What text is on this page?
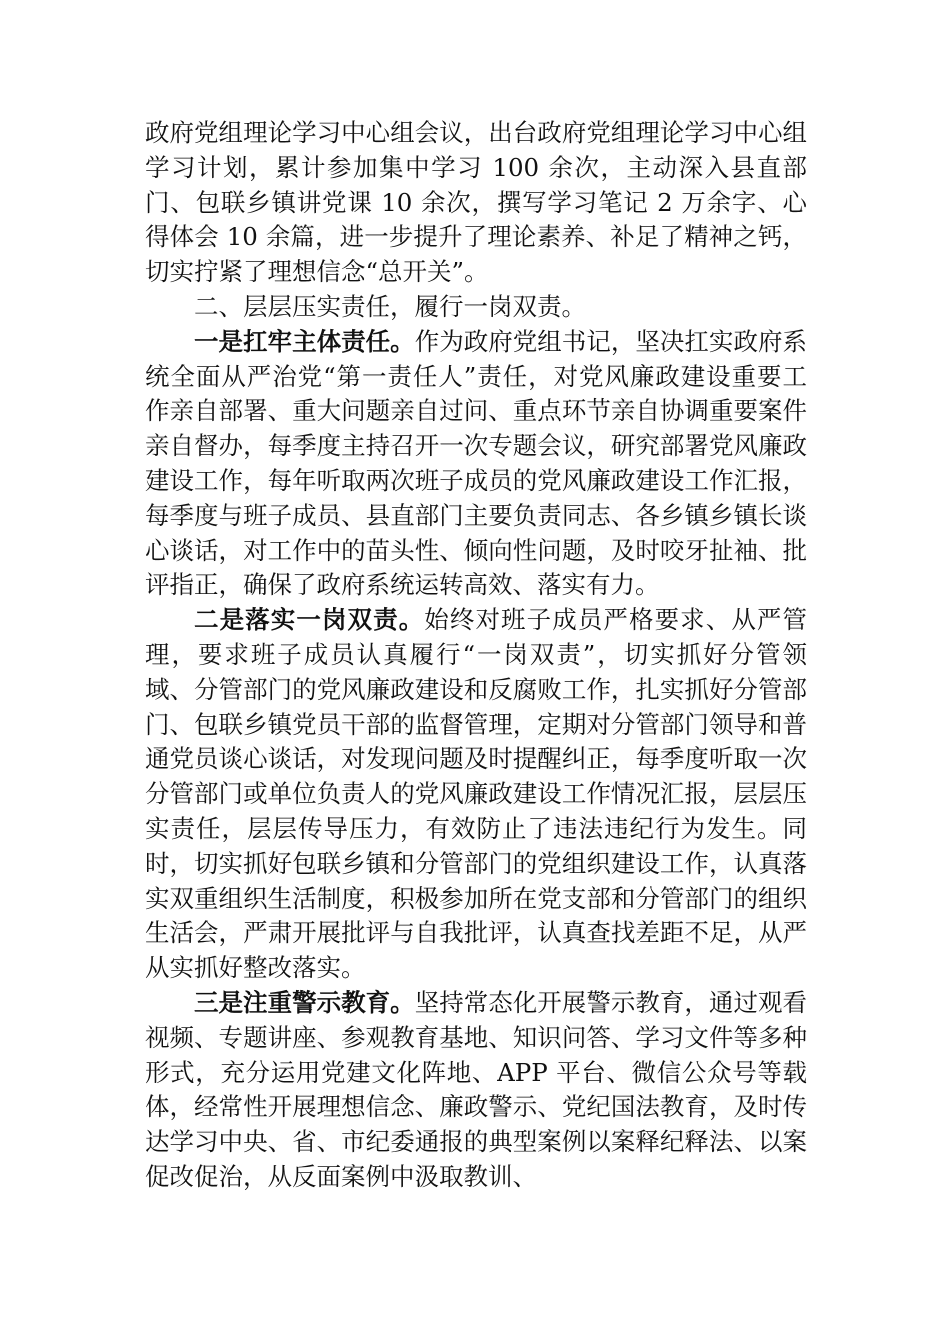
政府党组理论学习中心组会议，出台政府党组理论学习中心组学习计划，累计参加集中学习 100 余次，主动深入县直部门、包联乡镇讲党课 10 余次，撰写学习笔记 2 万余字、心得体会 10 余篇，进一步提升了理论素养、补足了精神之钙，切实拧紧了理想信念“总开关”。

二、层层压实责任，履行一岗双责。

一是扛牢主体责任。作为政府党组书记，坚决扛实政府系统全面从严治党“第一责任人”责任，对党风廉政建设重要工作亲自部署、重大问题亲自过问、重点环节亲自协调重要案件亲自督办，每季度主持召开一次专题会议，研究部署党风廉政建设工作，每年听取两次班子成员的党风廉政建设工作汇报，每季度与班子成员、县直部门主要负责同志、各乡镇乡镇长谈心谈话，对工作中的苗头性、倾向性问题，及时咬牙扯袖、批评指正，确保了政府系统运转高效、落实有力。

二是落实一岗双责。始终对班子成员严格要求、从严管理，要求班子成员认真履行“一岗双责”，切实抓好分管领域、分管部门的党风廉政建设和反腐败工作，扎实抓好分管部门、包联乡镇党员干部的监督管理，定期对分管部门领导和普通党员谈心谈话，对发现问题及时提醒纠正，每季度听取一次分管部门或单位负责人的党风廉政建设工作情况汇报，层层压实责任，层层传导压力，有效防止了违法违纪行为发生。同时，切实抓好包联乡镇和分管部门的党组织建设工作，认真落实双重组织生活制度，积极参加所在党支部和分管部门的组织生活会，严肃开展批评与自我批评，认真查找差距不足，从严从实抓好整改落实。

三是注重警示教育。坚持常态化开展警示教育，通过观看视频、专题讲座、参观教育基地、知识问答、学习文件等多种形式，充分运用党建文化阵地、APP 平台、微信公众号等载体，经常性开展理想信念、廉政警示、党纪国法教育，及时传达学习中央、省、市纪委通报的典型案例以案释纪释法、以案促改促治，从反面案例中汲取教训、
